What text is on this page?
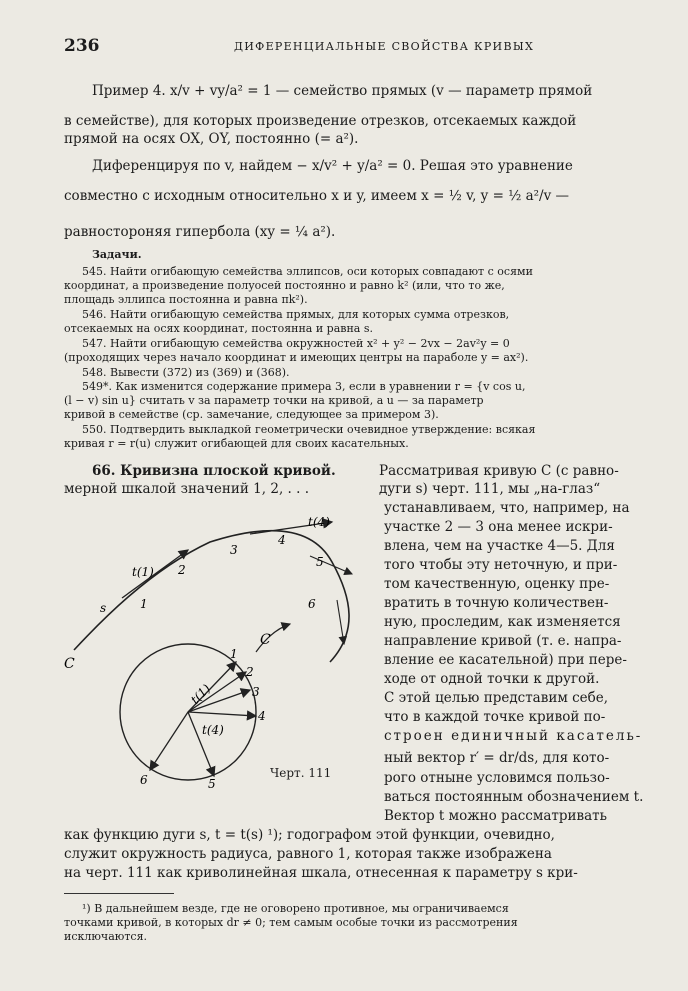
236	ДИФЕРЕНЦИАЛЬНЫЕ СВОЙСТВА КРИВЫХ
Пример 4. x/v + vy/a² = 1 — семейство прямых (v — параметр прямой
в семействе), для которых произведение отрезков, отсекаемых каждой
прямой на осях OX, OY, постоянно (= a²).
Диференцируя по v, найдем − x/v² + y/a² = 0. Решая это уравнение
совместно с исходным относительно x и y, имеем x = ½ v, y = ½ a²/v —
равностороняя гипербола (xy = ¼ a²).
Задачи.
545. Найти огибающую семейства эллипсов, оси которых совпадают с осями
координат, а произведение полуосей постоянно и равно k² (или, что то же,
площадь эллипса постоянна и равна πk²).
546. Найти огибающую семейства прямых, для которых сумма отрезков,
отсекаемых на осях координат, постоянна и равна s.
547. Найти огибающую семейства окружностей x² + y² − 2vx − 2av²y = 0
(проходящих через начало координат и имеющих центры на параболе y = ax²).
548. Вывести (372) из (369) и (368).
549*. Как изменится содержание примера 3, если в уравнении r = {v cos u,
(l − v) sin u} считать v за параметр точки на кривой, а u — за параметр
кривой в семействе (ср. замечание, следующее за примером 3).
550. Подтвердить выкладкой геометрически очевидное утверждение: всякая
кривая r = r(u) служит огибающей для своих касательных.
66. Кривизна плоской кривой.	Рассматривая кривую C (с равно-
мерной шкалой значений 1, 2, . . .	дуги s) черт. 111, мы „на-глаз“
устанавливаем, что, например, на
участке 2 — 3 она менее искри-
влена, чем на участке 4—5. Для
того чтобы эту неточную, и при-
том качественную, оценку пре-
вратить в точную количествен-
ную, проследим, как изменяется
направление кривой (т. е. напра-
вление ее касательной) при пере-
ходе от одной точки к другой.
С этой целью представим себе,
что в каждой точке кривой по-
строен единичный касатель-
ный вектор r′ = dr/ds, для кото-
рого отныне условимся пользо-
ваться постоянным обозначением t.
Вектор t можно рассматривать
как функцию дуги s, t = t(s) ¹); годографом этой функции, очевидно,
служит окружность радиуса, равного 1, которая также изображена
на черт. 111 как криволинейная шкала, отнесенная к параметру s кри-
C
C
t(1)
t(4)
1
2
3
4
5
6
s
t(1)
t(4)
1
2
3
4
5
6	Черт. 111
¹) В дальнейшем везде, где не оговорено противное, мы ограничиваемся
точками кривой, в которых dr ≠ 0; тем самым особые точки из рассмотрения
исключаются.
